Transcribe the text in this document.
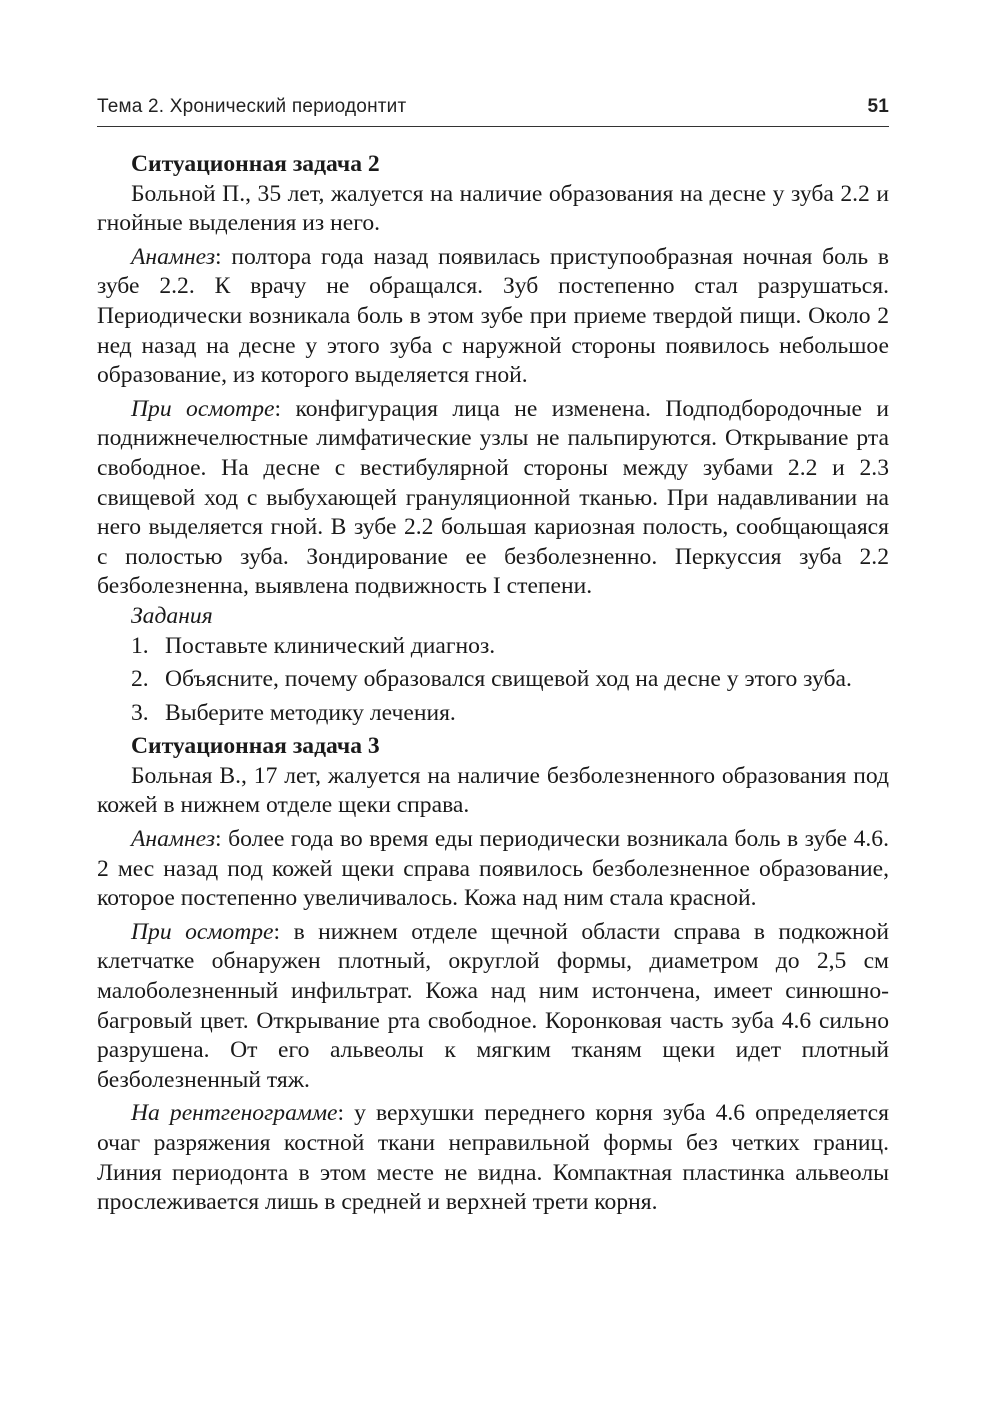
Тема 2. Хронический периодонтит	51

Ситуационная задача 2

Больной П., 35 лет, жалуется на наличие образования на десне у зуба 2.2 и гнойные выделения из него.

Анамнез: полтора года назад появилась приступообразная ночная боль в зубе 2.2. К врачу не обращался. Зуб постепенно стал разрушаться. Периодически возникала боль в этом зубе при приеме твердой пищи. Около 2 нед назад на десне у этого зуба с наружной стороны появилось небольшое образование, из которого выделяется гной.

При осмотре: конфигурация лица не изменена. Подподбородочные и поднижнечелюстные лимфатические узлы не пальпируются. Открывание рта свободное. На десне с вестибулярной стороны между зубами 2.2 и 2.3 свищевой ход с выбухающей грануляционной тканью. При надавливании на него выделяется гной. В зубе 2.2 большая кариозная полость, сообщающаяся с полостью зуба. Зондирование ее безболезненно. Перкуссия зуба 2.2 безболезненна, выявлена подвижность I степени.

Задания

1. Поставьте клинический диагноз.
2. Объясните, почему образовался свищевой ход на десне у этого зуба.
3. Выберите методику лечения.

Ситуационная задача 3

Больная В., 17 лет, жалуется на наличие безболезненного образования под кожей в нижнем отделе щеки справа.

Анамнез: более года во время еды периодически возникала боль в зубе 4.6. 2 мес назад под кожей щеки справа появилось безболезненное образование, которое постепенно увеличивалось. Кожа над ним стала красной.

При осмотре: в нижнем отделе щечной области справа в подкожной клетчатке обнаружен плотный, округлой формы, диаметром до 2,5 см малоболезненный инфильтрат. Кожа над ним истончена, имеет синюшно-багровый цвет. Открывание рта свободное. Коронковая часть зуба 4.6 сильно разрушена. От его альвеолы к мягким тканям щеки идет плотный безболезненный тяж.

На рентгенограмме: у верхушки переднего корня зуба 4.6 определяется очаг разряжения костной ткани неправильной формы без четких границ. Линия периодонта в этом месте не видна. Компактная пластинка альвеолы прослеживается лишь в средней и верхней трети корня.
